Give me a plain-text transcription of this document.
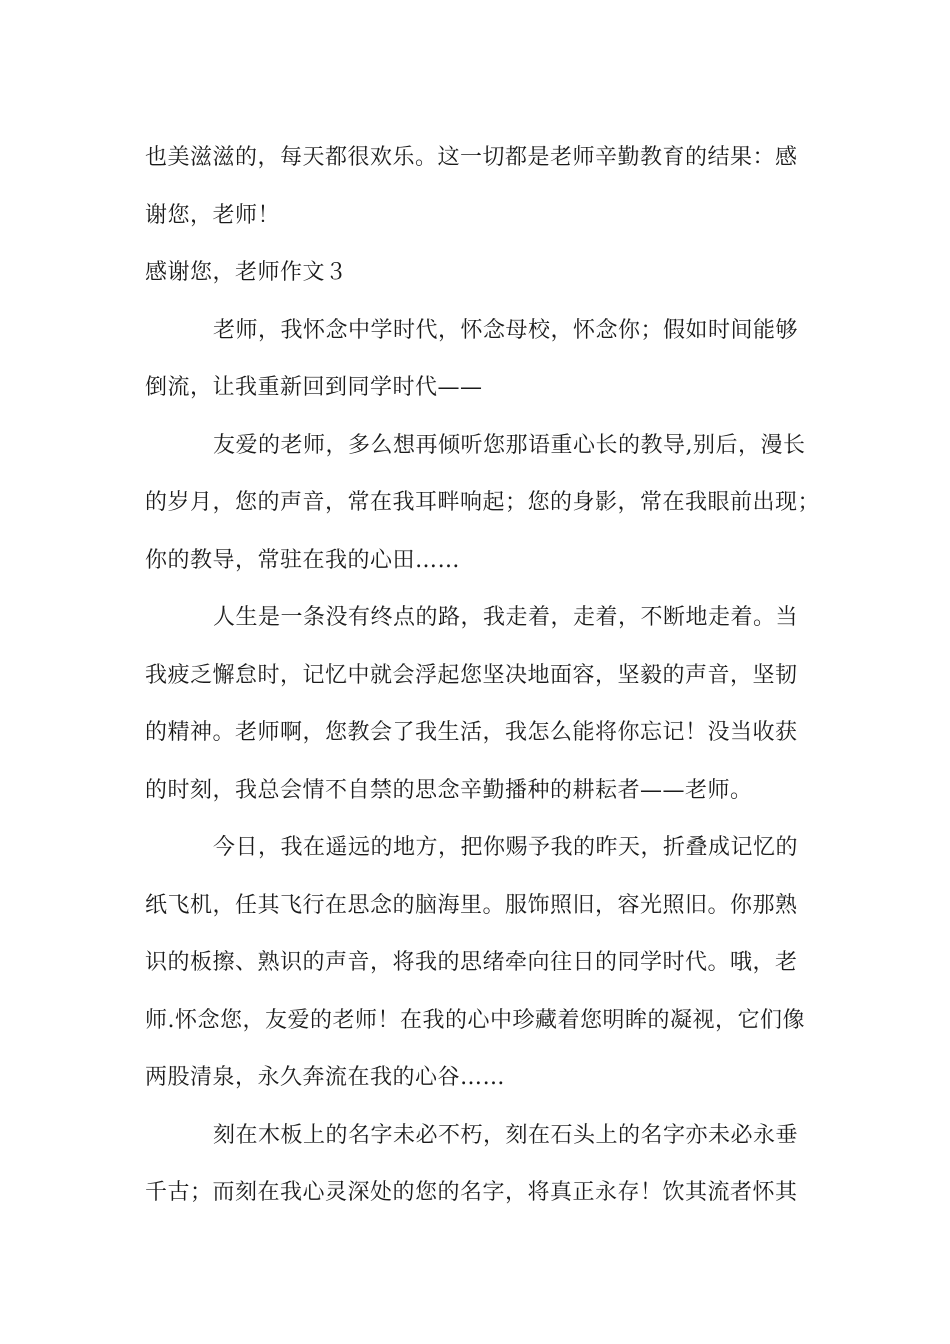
也美滋滋的，每天都很欢乐。这一切都是老师辛勤教育的结果：感
谢您，老师！
感谢您，老师作文３
老师，我怀念中学时代，怀念母校，怀念你；假如时间能够
倒流，让我重新回到同学时代——
友爱的老师，多么想再倾听您那语重心长的教导,别后，漫长
的岁月，您的声音，常在我耳畔响起；您的身影，常在我眼前出现；
你的教导，常驻在我的心田……
人生是一条没有终点的路，我走着，走着，不断地走着。当
我疲乏懈怠时，记忆中就会浮起您坚决地面容，坚毅的声音，坚韧
的精神。老师啊，您教会了我生活，我怎么能将你忘记！没当收获
的时刻，我总会情不自禁的思念辛勤播种的耕耘者——老师。
今日，我在遥远的地方，把你赐予我的昨天，折叠成记忆的
纸飞机，任其飞行在思念的脑海里。服饰照旧，容光照旧。你那熟
识的板擦、熟识的声音，将我的思绪牵向往日的同学时代。哦，老
师.怀念您，友爱的老师！在我的心中珍藏着您明眸的凝视，它们像
两股清泉，永久奔流在我的心谷……
刻在木板上的名字未必不朽，刻在石头上的名字亦未必永垂
千古；而刻在我心灵深处的您的名字，将真正永存！饮其流者怀其
